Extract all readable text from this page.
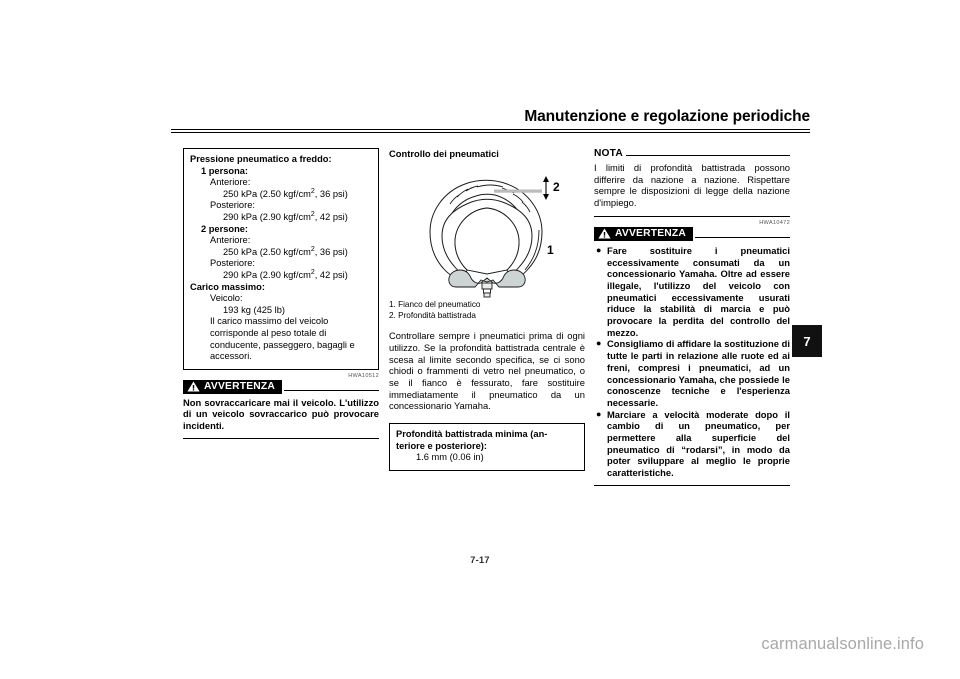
Manutenzione e regolazione periodiche
Pressione pneumatico a freddo:
1 persona:
Anteriore:
250 kPa (2.50 kgf/$cm^2$, 36 psi)
Posteriore:
290 kPa (2.90 kgf/$cm^2$, 42 psi)
2 persone:
Anteriore:
250 kPa (2.50 kgf/$cm^2$, 36 psi)
Posteriore:
290 kPa (2.90 kgf/$cm^2$, 42 psi)
Carico massimo:
Veicolo:
193 kg (425 lb)
Il carico massimo del veicolo corrisponde al peso totale di conducente, passeggero, bagagli e accessori.
HWA10512
AVVERTENZA
Non sovraccaricare mai il veicolo. L'utilizzo di un veicolo sovraccarico può provocare incidenti.
Controllo dei pneumatici
2
1
1. Fianco del pneumatico
2. Profondità battistrada
Controllare sempre i pneumatici prima di ogni utilizzo. Se la profondità battistrada centrale è scesa al limite secondo specifica, se ci sono chiodi o frammenti di vetro nel pneumatico, o se il fianco è fessurato, fare sostituire immediatamente il pneumatico da un concessionario Yamaha.
Profondità battistrada minima (an-
teriore e posteriore):
1.6 mm (0.06 in)
NOTA
I limiti di profondità battistrada possono differire da nazione a nazione. Rispettare sempre le disposizioni di legge della nazione d'impiego.
HWA10472
AVVERTENZA
● Fare sostituire i pneumatici eccessivamente consumati da un concessionario Yamaha. Oltre ad essere illegale, l'utilizzo del veicolo con pneumatici eccessivamente usurati riduce la stabilità di marcia e può provocare la perdita del controllo del mezzo.
● Consigliamo di affidare la sostituzione di tutte le parti in relazione alle ruote ed ai freni, compresi i pneumatici, ad un concessionario Yamaha, che possiede le conoscenze tecniche e l'esperienza necessarie.
● Marciare a velocità moderate dopo il cambio di un pneumatico, per permettere alla superficie del pneumatico di “rodarsi”, in modo da poter sviluppare al meglio le proprie caratteristiche.
7
7-17
carmanualsonline.info
